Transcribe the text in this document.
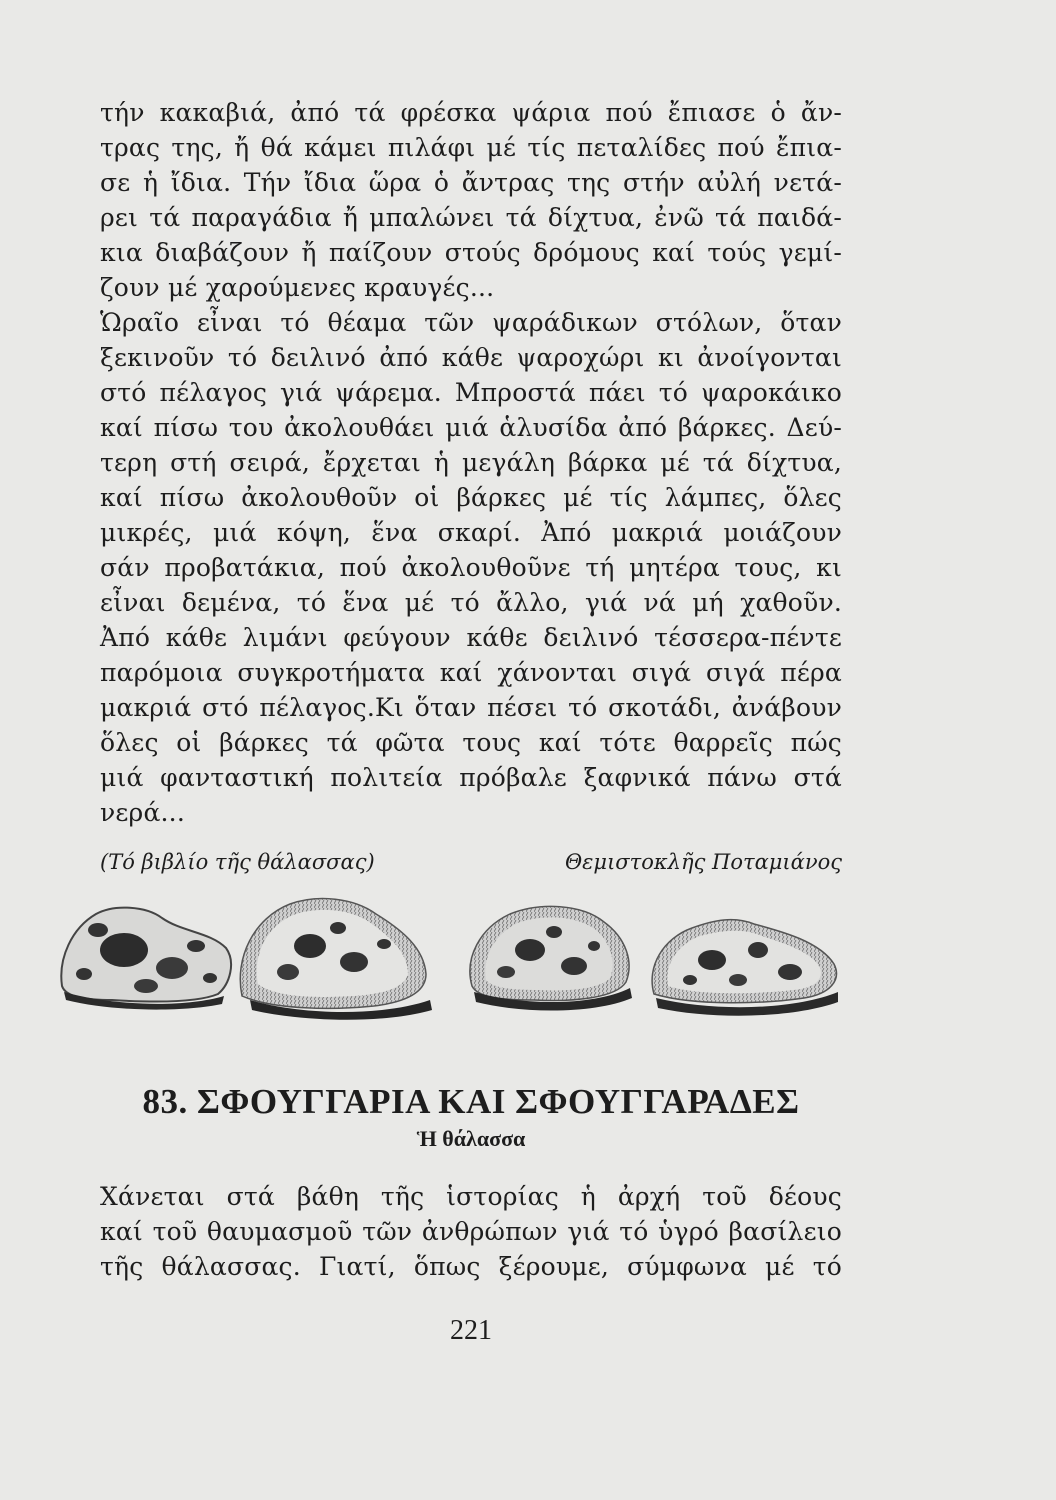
τήν κακαβιά, ἀπό τά φρέσκα ψάρια πού ἔπιασε ὁ ἄν-
τρας της, ἤ θά κάμει πιλάφι μέ τίς πεταλίδες πού ἔπια-
σε ἡ ἴδια. Τήν ἴδια ὥρα ὁ ἄντρας της στήν αὐλή νετά-
ρει τά παραγάδια ἤ μπαλώνει τά δίχτυα, ἐνῶ τά παιδά-
κια διαβάζουν ἤ παίζουν στούς δρόμους καί τούς γεμί-
ζουν μέ χαρούμενες κραυγές...
Ὡραῖο εἶναι τό θέαμα τῶν ψαράδικων στόλων, ὅταν
ξεκινοῦν τό δειλινό ἀπό κάθε ψαροχώρι κι ἀνοίγονται
στό πέλαγος γιά ψάρεμα. Μπροστά πάει τό ψαροκάικο
καί πίσω του ἀκολουθάει μιά ἁλυσίδα ἀπό βάρκες. Δεύ-
τερη στή σειρά, ἔρχεται ἡ μεγάλη βάρκα μέ τά δίχτυα,
καί πίσω ἀκολουθοῦν οἱ βάρκες μέ τίς λάμπες, ὅλες
μικρές, μιά κόψη, ἕνα σκαρί. Ἀπό μακριά μοιάζουν
σάν προβατάκια, πού ἀκολουθοῦνε τή μητέρα τους, κι
εἶναι δεμένα, τό ἕνα μέ τό ἄλλο, γιά νά μή χαθοῦν.
Ἀπό κάθε λιμάνι φεύγουν κάθε δειλινό τέσσερα-πέντε
παρόμοια συγκροτήματα καί χάνονται σιγά σιγά πέρα
μακριά στό πέλαγος.Κι ὅταν πέσει τό σκοτάδι, ἀνάβουν
ὅλες οἱ βάρκες τά φῶτα τους καί τότε θαρρεῖς πώς
μιά φανταστική πολιτεία πρόβαλε ξαφνικά πάνω στά
νερά...
(Τό βιβλίο τῆς θάλασσας)	Θεμιστοκλῆς Ποταμιάνος
83. ΣΦΟΥΓΓΑΡΙΑ ΚΑΙ ΣΦΟΥΓΓΑΡΑΔΕΣ
Ἡ θάλασσα
Χάνεται στά βάθη τῆς ἱστορίας ἡ ἀρχή τοῦ δέους
καί τοῦ θαυμασμοῦ τῶν ἀνθρώπων γιά τό ὑγρό βασίλειο
τῆς θάλασσας. Γιατί, ὅπως ξέρουμε, σύμφωνα μέ τό
221
